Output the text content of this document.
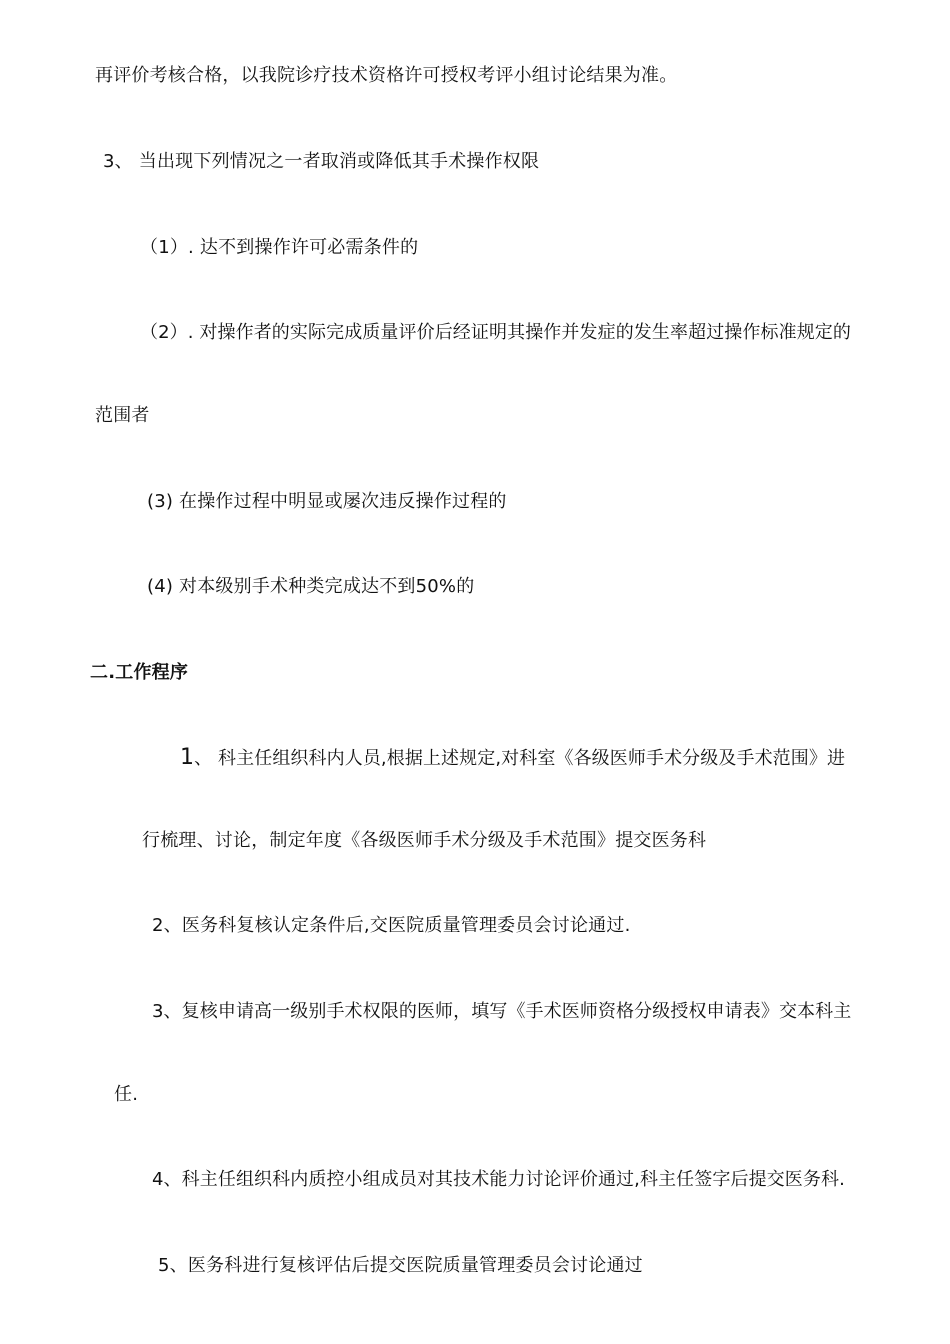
再评价考核合格，以我院诊疗技术资格许可授权考评小组讨论结果为准。
3、 当出现下列情况之一者取消或降低其手术操作权限
（1）. 达不到操作许可必需条件的
（2）. 对操作者的实际完成质量评价后经证明其操作并发症的发生率超过操作标准规定的
范围者
(3) 在操作过程中明显或屡次违反操作过程的
(4) 对本级别手术种类完成达不到50%的
二.工作程序
1、 科主任组织科内人员,根据上述规定,对科室《各级医师手术分级及手术范围》进
行梳理、讨论，制定年度《各级医师手术分级及手术范围》提交医务科
2、医务科复核认定条件后,交医院质量管理委员会讨论通过.
3、复核申请高一级别手术权限的医师，填写《手术医师资格分级授权申请表》交本科主
任.
4、科主任组织科内质控小组成员对其技术能力讨论评价通过,科主任签字后提交医务科.
5、医务科进行复核评估后提交医院质量管理委员会讨论通过
